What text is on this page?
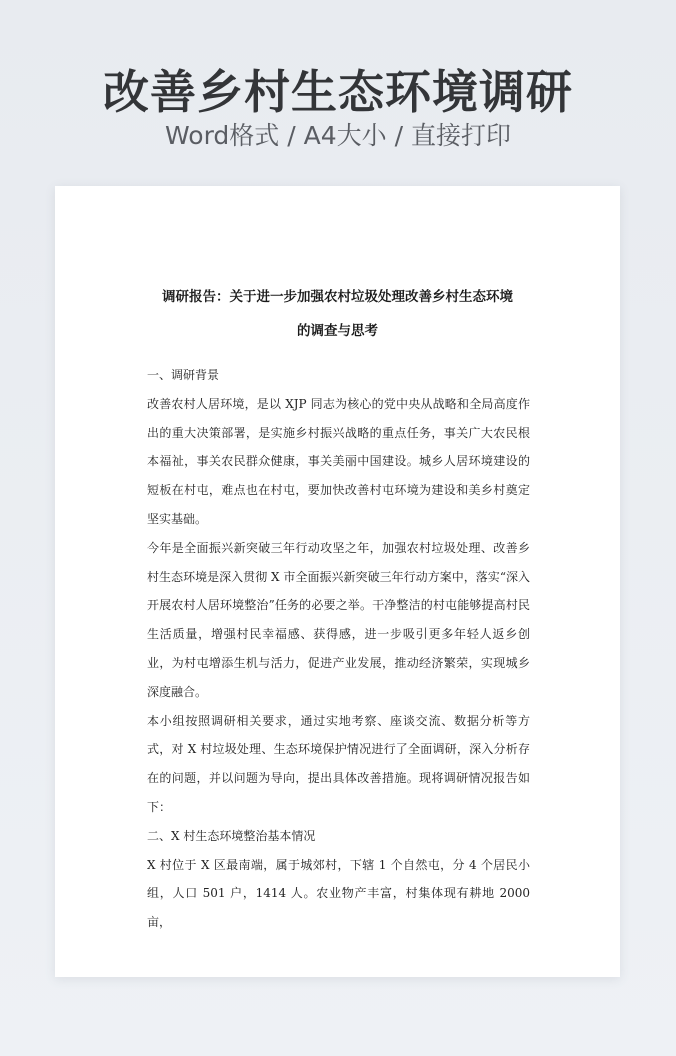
改善乡村生态环境调研
Word格式 / A4大小 / 直接打印
调研报告：关于进一步加强农村垃圾处理改善乡村生态环境
的调查与思考

一、调研背景

改善农村人居环境，是以 XJP 同志为核心的党中央从战略和全局高度作出的重大决策部署，是实施乡村振兴战略的重点任务，事关广大农民根本福祉，事关农民群众健康，事关美丽中国建设。城乡人居环境建设的短板在村屯，难点也在村屯，要加快改善村屯环境为建设和美乡村奠定坚实基础。

今年是全面振兴新突破三年行动攻坚之年，加强农村垃圾处理、改善乡村生态环境是深入贯彻 X 市全面振兴新突破三年行动方案中，落实“深入开展农村人居环境整治”任务的必要之举。干净整洁的村屯能够提高村民生活质量，增强村民幸福感、获得感，进一步吸引更多年轻人返乡创业，为村屯增添生机与活力，促进产业发展，推动经济繁荣，实现城乡深度融合。

本小组按照调研相关要求，通过实地考察、座谈交流、数据分析等方式，对 X 村垃圾处理、生态环境保护情况进行了全面调研，深入分析存在的问题，并以问题为导向，提出具体改善措施。现将调研情况报告如下：

二、X 村生态环境整治基本情况

X 村位于 X 区最南端，属于城郊村，下辖 1 个自然屯，分 4 个居民小组，人口 501 户，1414 人。农业物产丰富，村集体现有耕地 2000 亩，
